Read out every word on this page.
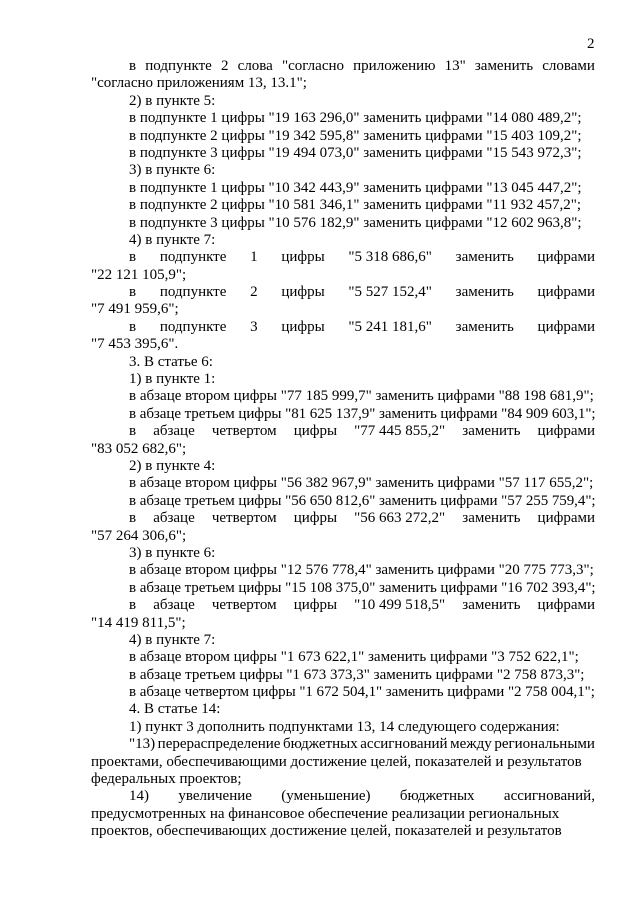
2
в подпункте 2 слова "согласно приложению 13" заменить словами
"согласно приложениям 13, 13.1";
2) в пункте 5:
в подпункте 1 цифры "19 163 296,0" заменить цифрами "14 080 489,2";
в подпункте 2 цифры "19 342 595,8" заменить цифрами "15 403 109,2";
в подпункте 3 цифры "19 494 073,0" заменить цифрами "15 543 972,3";
3) в пункте 6:
в подпункте 1 цифры "10 342 443,9" заменить цифрами "13 045 447,2";
в подпункте 2 цифры "10 581 346,1" заменить цифрами "11 932 457,2";
в подпункте 3 цифры "10 576 182,9" заменить цифрами "12 602 963,8";
4) в пункте 7:
в подпункте 1 цифры "5 318 686,6" заменить цифрами
"22 121 105,9";
в подпункте 2 цифры "5 527 152,4" заменить цифрами
"7 491 959,6";
в подпункте 3 цифры "5 241 181,6" заменить цифрами
"7 453 395,6".
3. В статье 6:
1) в пункте 1:
в абзаце втором цифры "77 185 999,7" заменить цифрами "88 198 681,9";
в абзаце третьем цифры "81 625 137,9" заменить цифрами "84 909 603,1";
в абзаце четвертом цифры "77 445 855,2" заменить цифрами
"83 052 682,6";
2) в пункте 4:
в абзаце втором цифры "56 382 967,9" заменить цифрами "57 117 655,2";
в абзаце третьем цифры "56 650 812,6" заменить цифрами "57 255 759,4";
в абзаце четвертом цифры "56 663 272,2" заменить цифрами
"57 264 306,6";
3) в пункте 6:
в абзаце втором цифры "12 576 778,4" заменить цифрами "20 775 773,3";
в абзаце третьем цифры "15 108 375,0" заменить цифрами "16 702 393,4";
в абзаце четвертом цифры "10 499 518,5" заменить цифрами
"14 419 811,5";
4) в пункте 7:
в абзаце втором цифры "1 673 622,1" заменить цифрами "3 752 622,1";
в абзаце третьем цифры "1 673 373,3" заменить цифрами "2 758 873,3";
в абзаце четвертом цифры "1 672 504,1" заменить цифрами "2 758 004,1";
4. В статье 14:
1) пункт 3 дополнить подпунктами 13, 14 следующего содержания:
"13) перераспределение бюджетных ассигнований между региональными
проектами, обеспечивающими достижение целей, показателей и результатов
федеральных проектов;
14) увеличение (уменьшение) бюджетных ассигнований,
предусмотренных на финансовое обеспечение реализации региональных
проектов, обеспечивающих достижение целей, показателей и результатов
